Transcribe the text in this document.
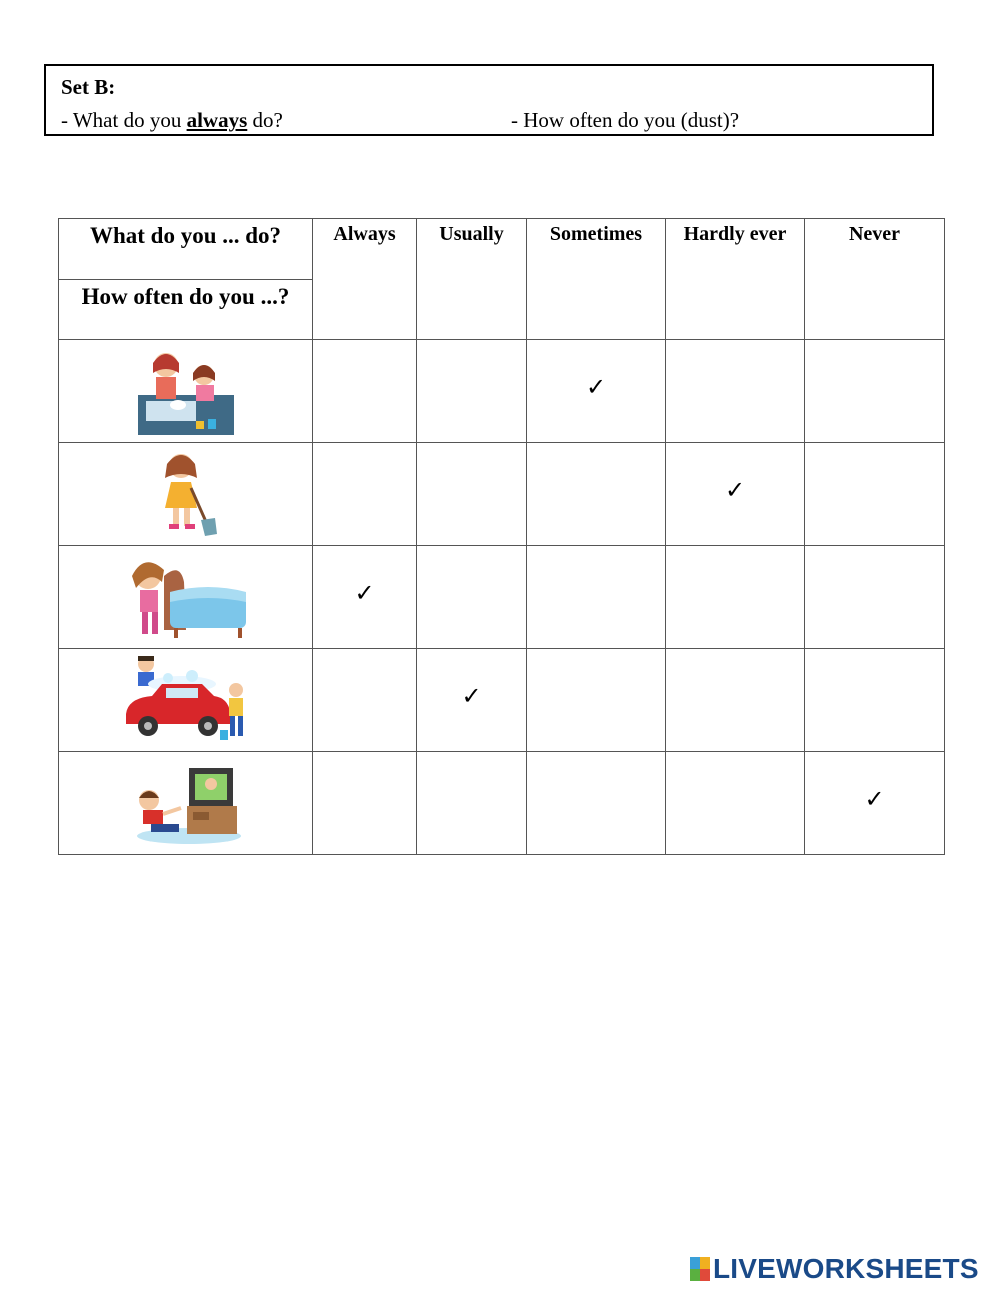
Set B:
- What do you always do?	- How often do you (dust)?
What do you ... do?
How often do you ...?	Always	Usually	Sometimes	Hardly ever	Never

			✓		

				✓	

	✓				

		✓			

					✓
LIVEWORKSHEETS
